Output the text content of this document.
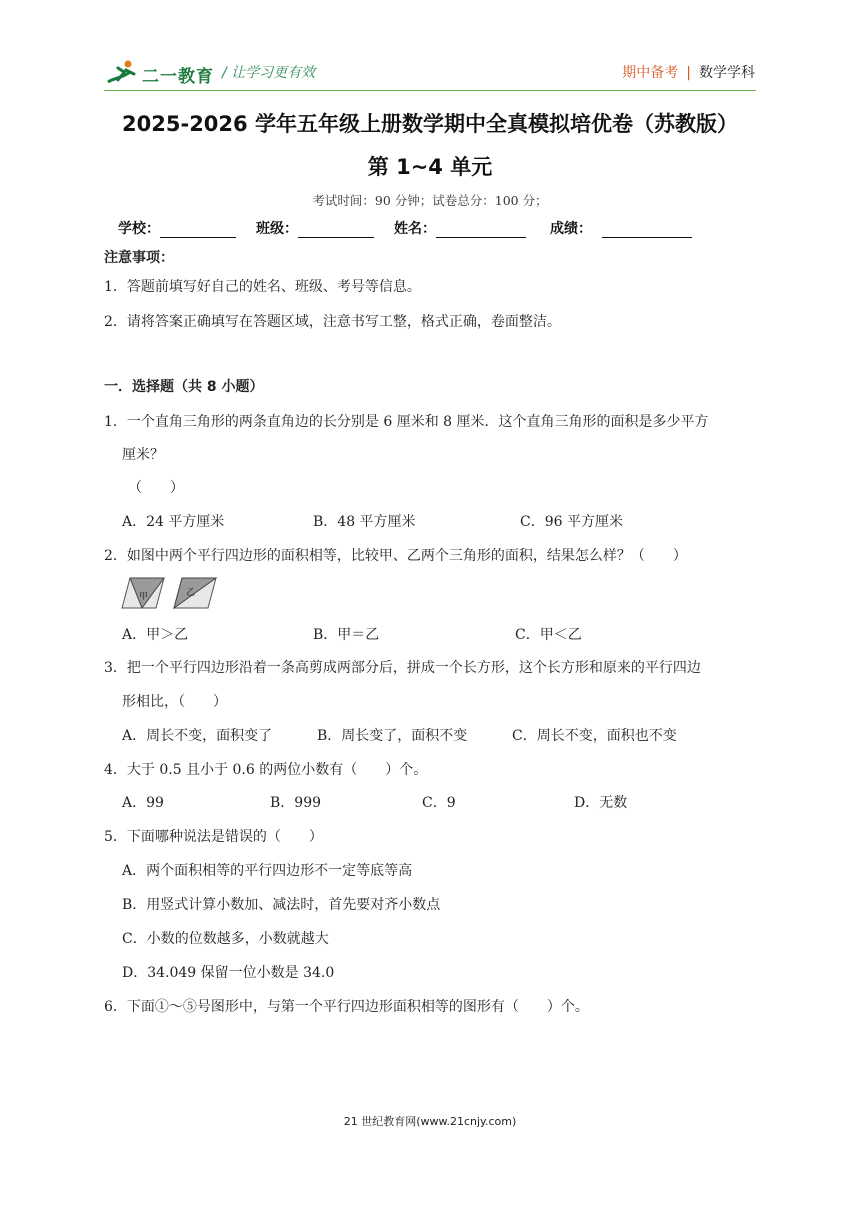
二一教育 / 让学习更有效	期中备考 | 数学学科
2025-2026 学年五年级上册数学期中全真模拟培优卷（苏教版）
第 1~4 单元
考试时间：90 分钟；试卷总分：100 分；
学校：	班级：	姓名：	成绩：
注意事项：
1．答题前填写好自己的姓名、班级、考号等信息。
2．请将答案正确填写在答题区域，注意书写工整，格式正确，卷面整洁。
一．选择题（共 8 小题）
1．一个直角三角形的两条直角边的长分别是 6 厘米和 8 厘米．这个直角三角形的面积是多少平方
厘米？
（　　）
A．24 平方厘米	B．48 平方厘米	C．96 平方厘米
2．如图中两个平行四边形的面积相等，比较甲、乙两个三角形的面积，结果怎么样？（　　）
甲	乙
A．甲＞乙	B．甲＝乙	C．甲＜乙
3．把一个平行四边形沿着一条高剪成两部分后，拼成一个长方形，这个长方形和原来的平行四边
形相比，（　　）
A．周长不变，面积变了	B．周长变了，面积不变	C．周长不变，面积也不变
4．大于 0.5 且小于 0.6 的两位小数有（　　）个。
A．99	B．999	C．9	D．无数
5．下面哪种说法是错误的（　　）
A．两个面积相等的平行四边形不一定等底等高
B．用竖式计算小数加、减法时，首先要对齐小数点
C．小数的位数越多，小数就越大
D．34.049 保留一位小数是 34.0
6．下面①～⑤号图形中，与第一个平行四边形面积相等的图形有（　　）个。
21 世纪教育网(www.21cnjy.com)
